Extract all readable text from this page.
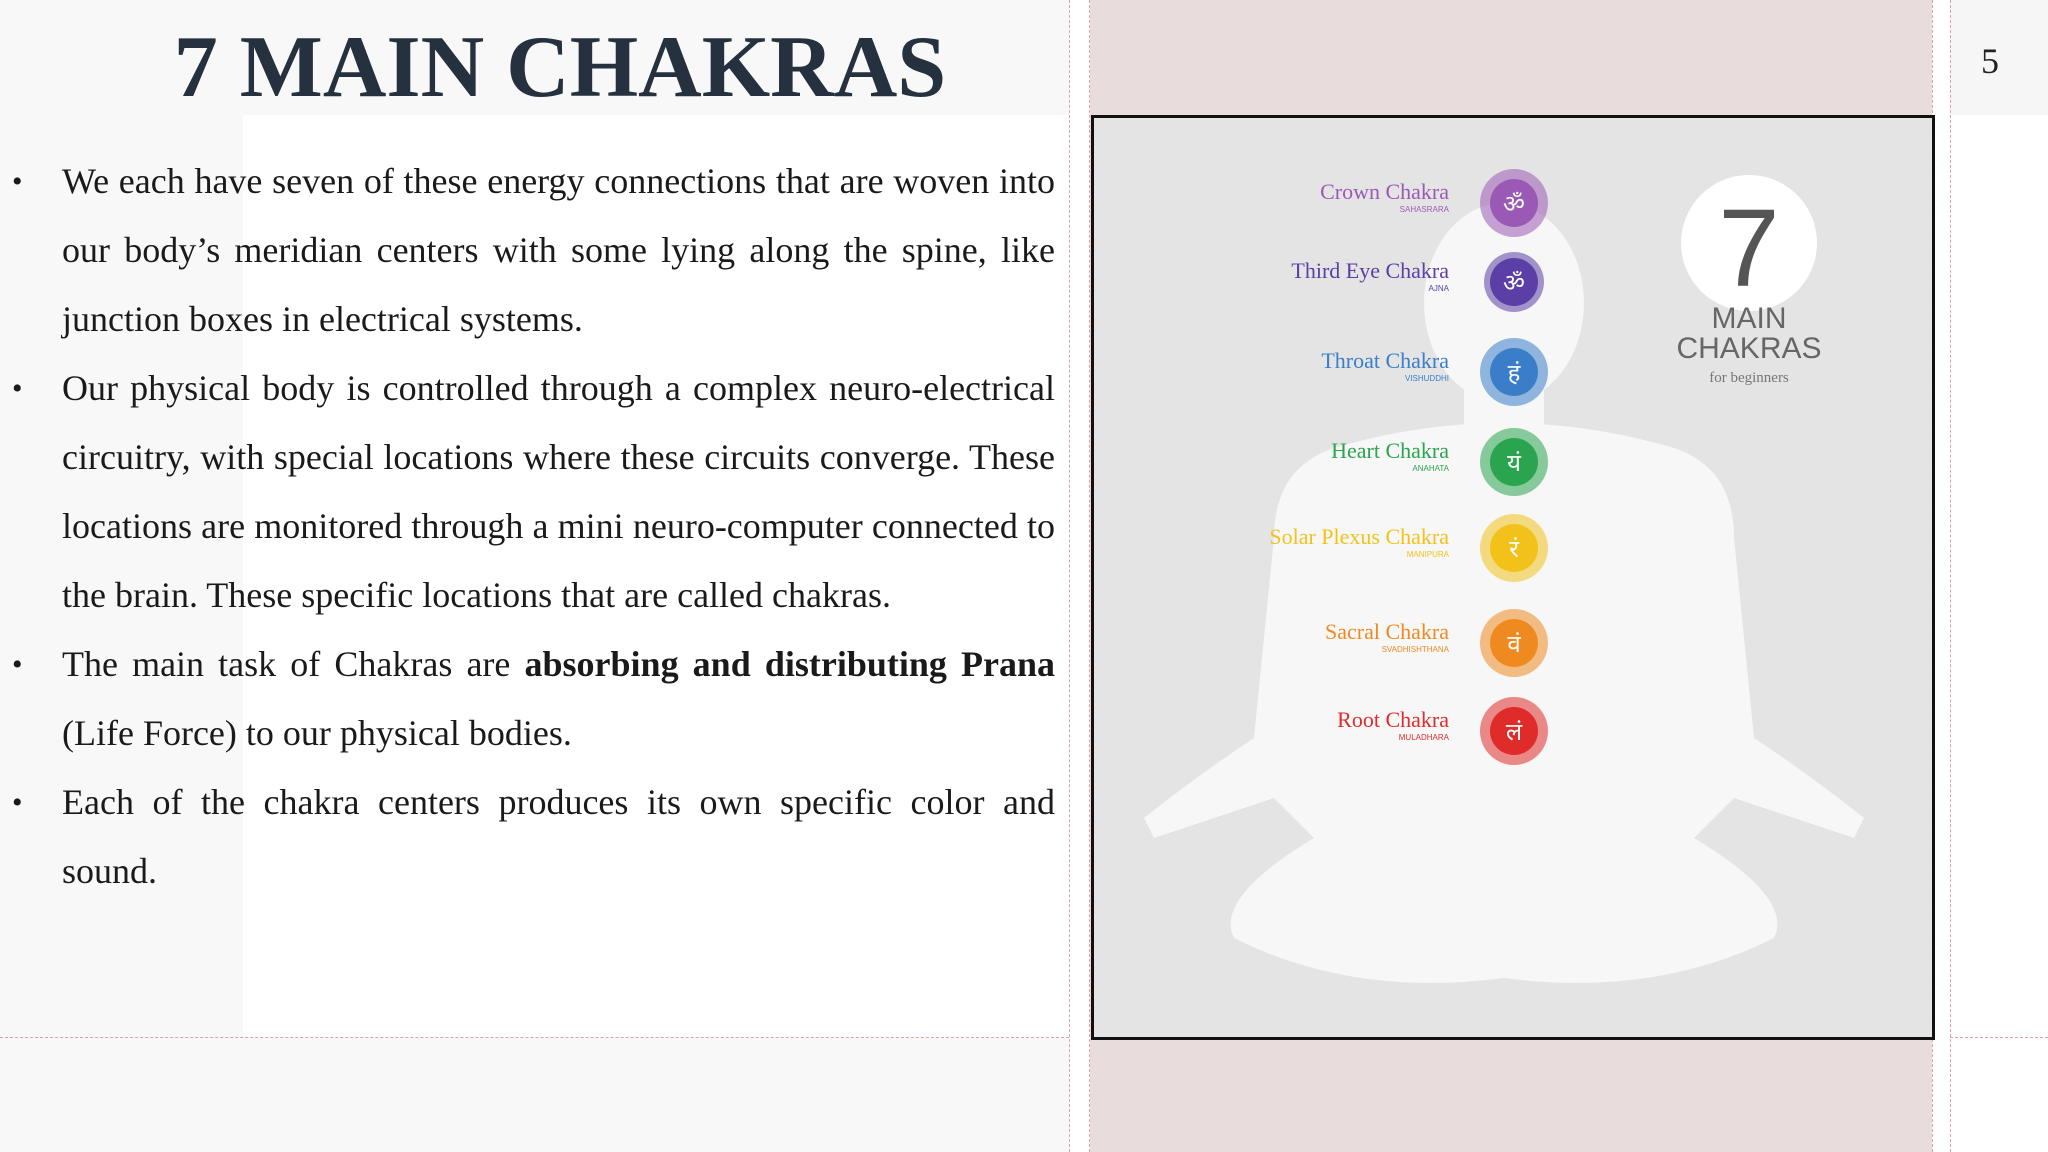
7 MAIN CHAKRAS	5
• We each have seven of these energy connections that are woven into our body’s meridian centers with some lying along the spine, like junction boxes in electrical systems.
• Our physical body is controlled through a complex neuro-electrical circuitry, with special locations where these circuits converge. These locations are monitored through a mini neuro-computer connected to the brain. These specific locations that are called chakras.
• The main task of Chakras are absorbing and distributing Prana (Life Force) to our physical bodies.
• Each of the chakra centers produces its own specific color and sound.
7
MAIN
CHAKRAS
for beginners
Crown Chakra
SAHASRARA ॐ
Third Eye Chakra
AJNA ॐ
Throat Chakra
VISHUDDHI हं
Heart Chakra
ANAHATA यं
Solar Plexus Chakra
MANIPURA	रं
Sacral Chakra
SVADHISHTHANA वं
Root Chakra
MULADHARA लं
